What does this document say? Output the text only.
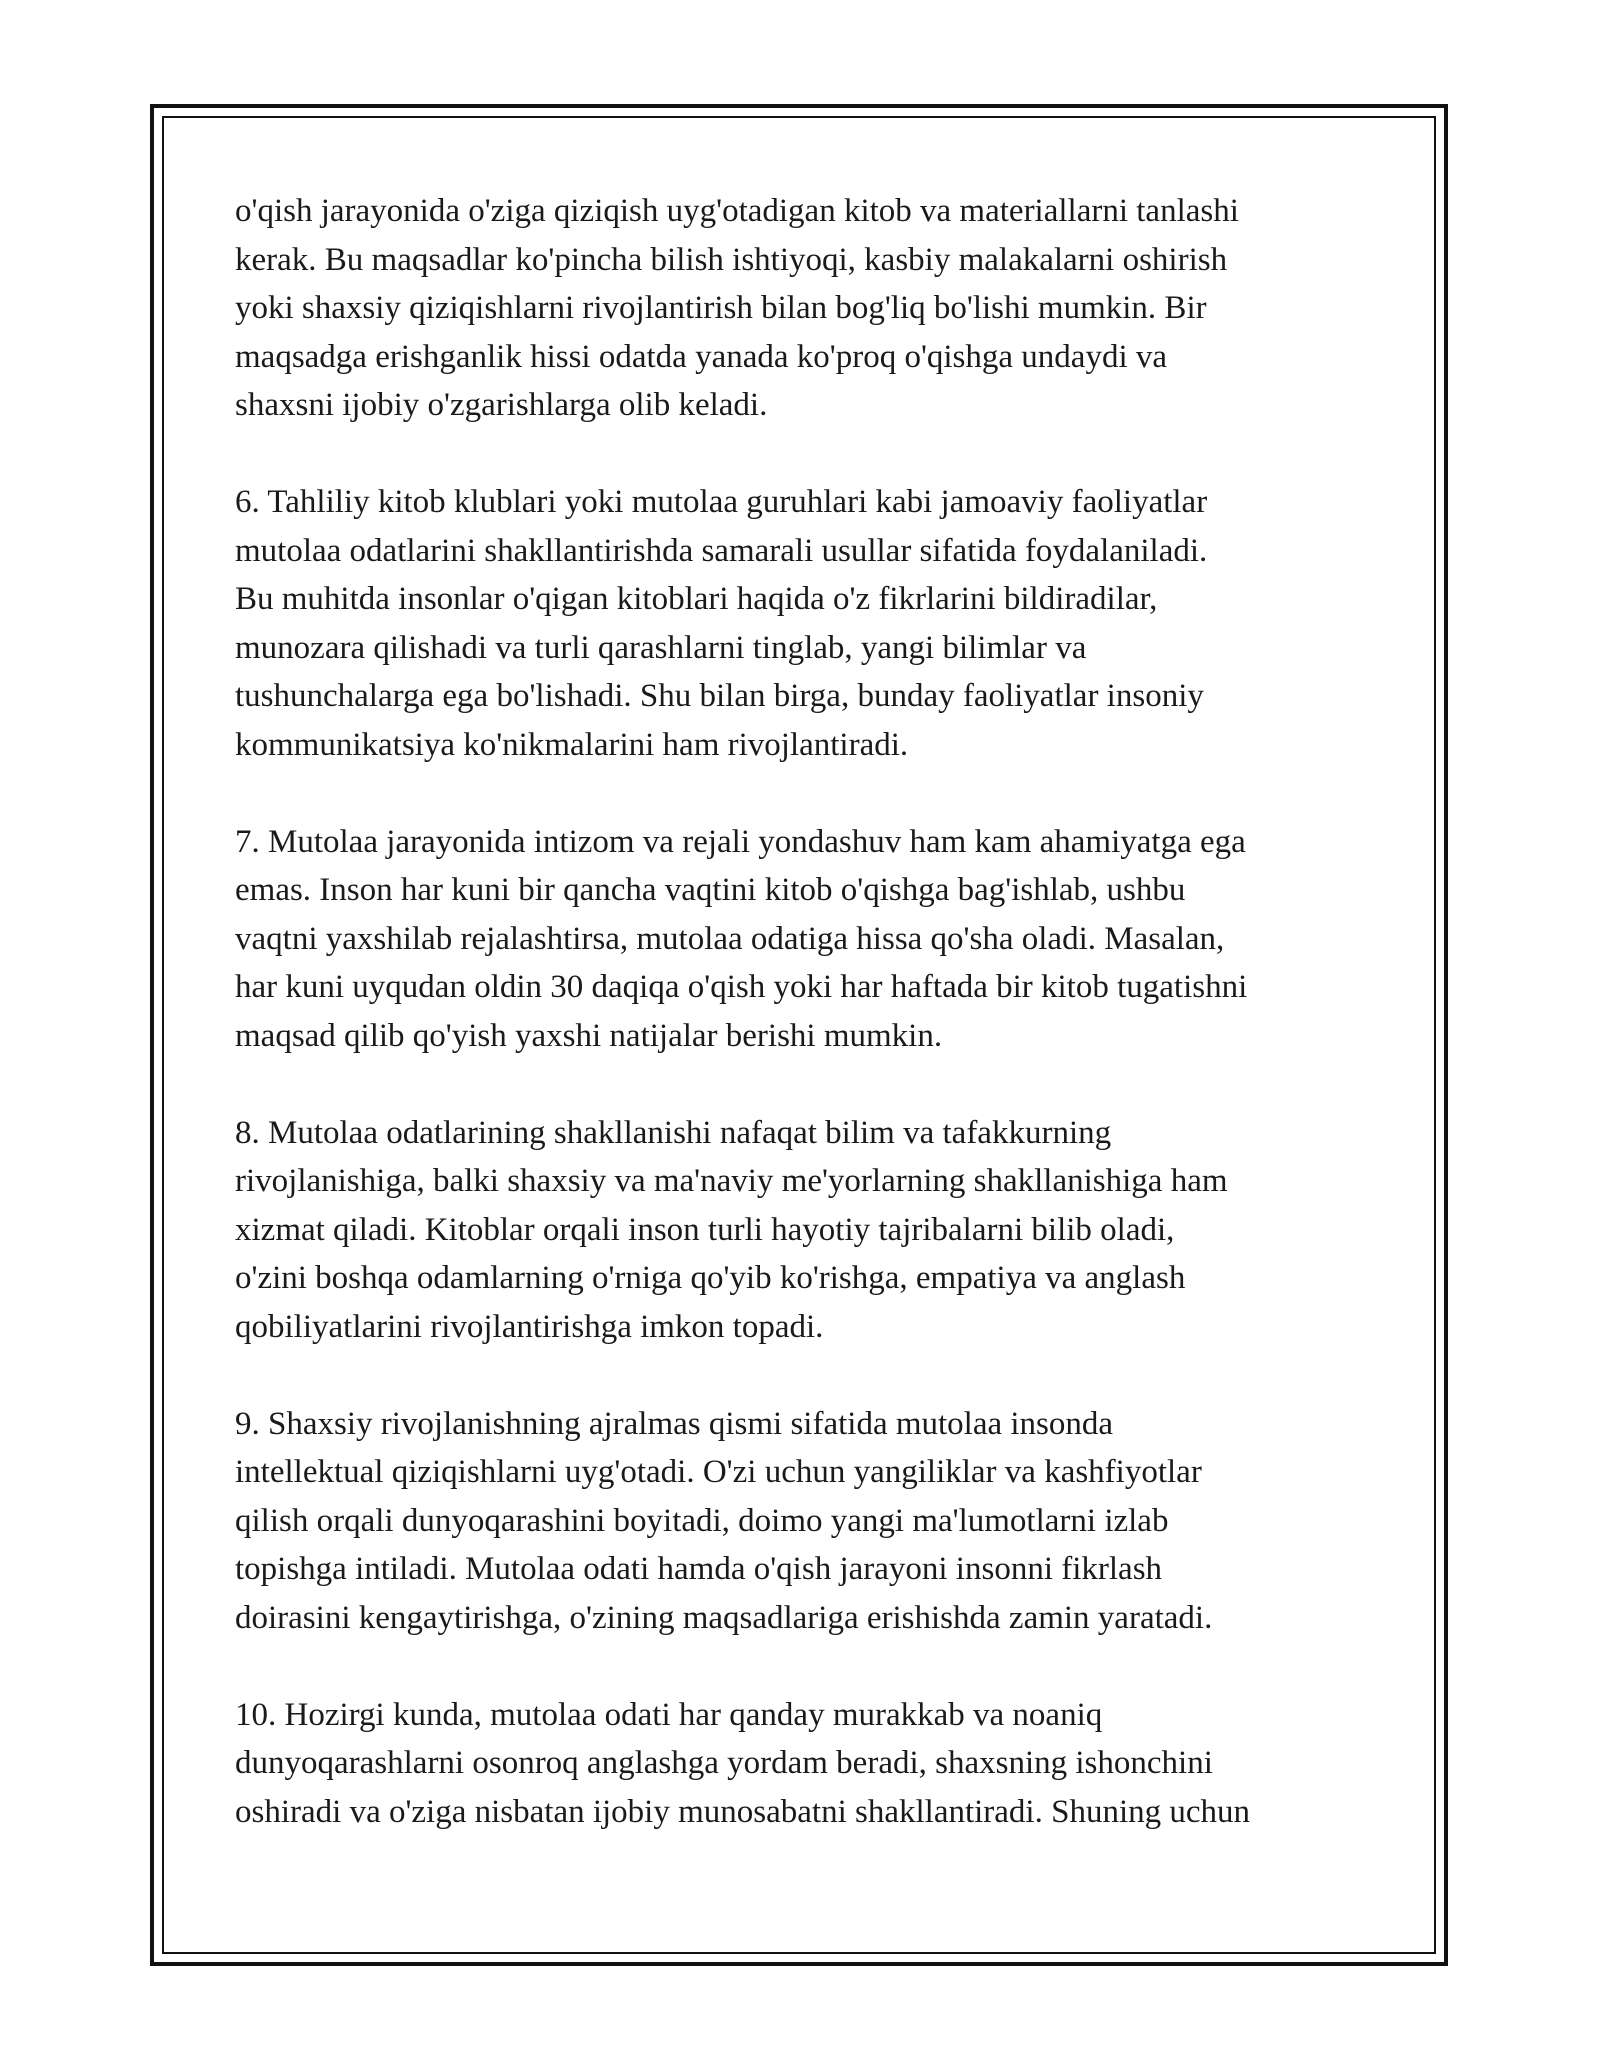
o'qish jarayonida o'ziga qiziqish uyg'otadigan kitob va materiallarni tanlashi
kerak. Bu maqsadlar ko'pincha bilish ishtiyoqi, kasbiy malakalarni oshirish
yoki shaxsiy qiziqishlarni rivojlantirish bilan bog'liq bo'lishi mumkin. Bir
maqsadga erishganlik hissi odatda yanada ko'proq o'qishga undaydi va
shaxsni ijobiy o'zgarishlarga olib keladi.

6. Tahliliy kitob klublari yoki mutolaa guruhlari kabi jamoaviy faoliyatlar
mutolaa odatlarini shakllantirishda samarali usullar sifatida foydalaniladi.
Bu muhitda insonlar o'qigan kitoblari haqida o'z fikrlarini bildiradilar,
munozara qilishadi va turli qarashlarni tinglab, yangi bilimlar va
tushunchalarga ega bo'lishadi. Shu bilan birga, bunday faoliyatlar insoniy
kommunikatsiya ko'nikmalarini ham rivojlantiradi.

7. Mutolaa jarayonida intizom va rejali yondashuv ham kam ahamiyatga ega
emas. Inson har kuni bir qancha vaqtini kitob o'qishga bag'ishlab, ushbu
vaqtni yaxshilab rejalashtirsa, mutolaa odatiga hissa qo'sha oladi. Masalan,
har kuni uyqudan oldin 30 daqiqa o'qish yoki har haftada bir kitob tugatishni
maqsad qilib qo'yish yaxshi natijalar berishi mumkin.

8. Mutolaa odatlarining shakllanishi nafaqat bilim va tafakkurning
rivojlanishiga, balki shaxsiy va ma'naviy me'yorlarning shakllanishiga ham
xizmat qiladi. Kitoblar orqali inson turli hayotiy tajribalarni bilib oladi,
o'zini boshqa odamlarning o'rniga qo'yib ko'rishga, empatiya va anglash
qobiliyatlarini rivojlantirishga imkon topadi.

9. Shaxsiy rivojlanishning ajralmas qismi sifatida mutolaa insonda
intellektual qiziqishlarni uyg'otadi. O'zi uchun yangiliklar va kashfiyotlar
qilish orqali dunyoqarashini boyitadi, doimo yangi ma'lumotlarni izlab
topishga intiladi. Mutolaa odati hamda o'qish jarayoni insonni fikrlash
doirasini kengaytirishga, o'zining maqsadlariga erishishda zamin yaratadi.

10. Hozirgi kunda, mutolaa odati har qanday murakkab va noaniq
dunyoqarashlarni osonroq anglashga yordam beradi, shaxsning ishonchini
oshiradi va o'ziga nisbatan ijobiy munosabatni shakllantiradi. Shuning uchun
